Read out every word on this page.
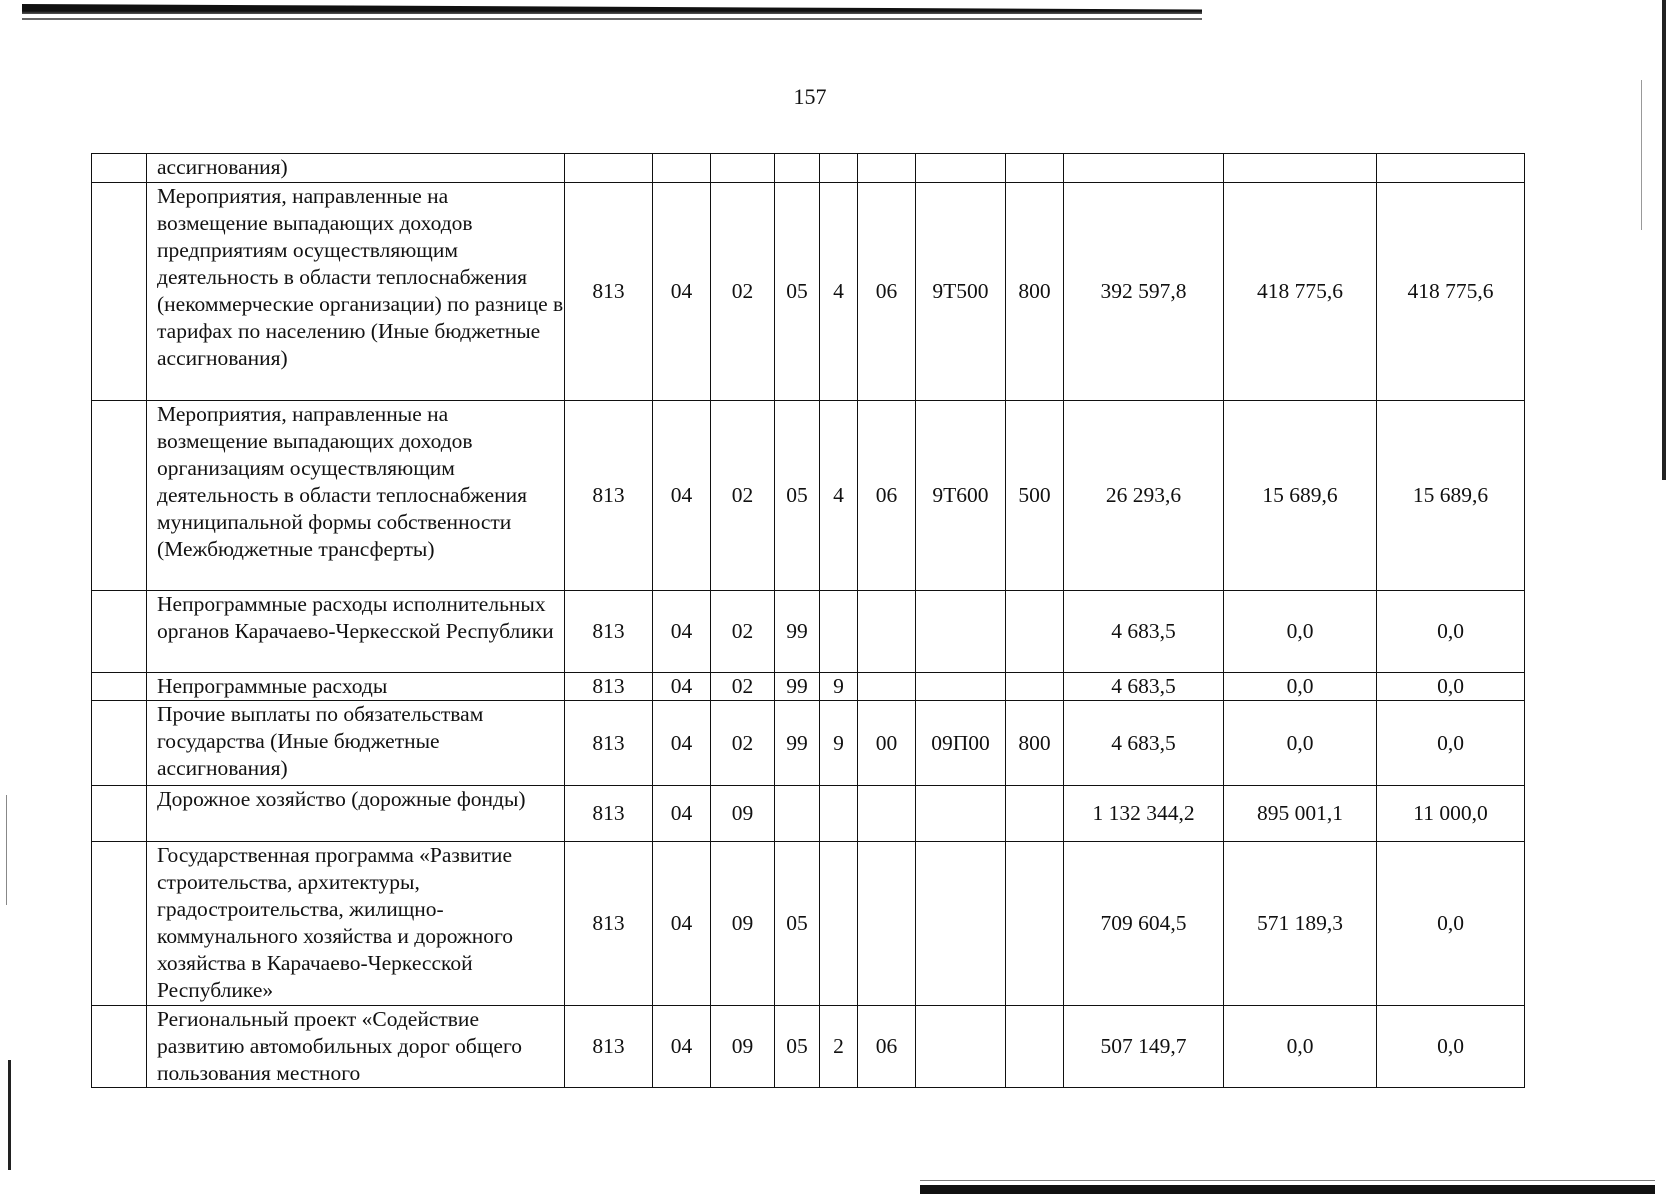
157
	ассигнования)											
	Мероприятия, направленные на возмещение выпадающих доходов предприятиям осуществляющим деятельность в области теплоснабжения (некоммерческие организации) по разнице в тарифах по населению (Иные бюджетные ассигнования)	813	04	02	05	4	06	9Т500	800	392 597,8	418 775,6	418 775,6
	Мероприятия, направленные на возмещение выпадающих доходов организациям осуществляющим деятельность в области теплоснабжения муниципальной формы собственности (Межбюджетные трансферты)	813	04	02	05	4	06	9Т600	500	26 293,6	15 689,6	15 689,6
	Непрограммные расходы исполнительных органов Карачаево-Черкесской Республики	813	04	02	99					4 683,5	0,0	0,0
	Непрограммные расходы	813	04	02	99	9				4 683,5	0,0	0,0
	Прочие выплаты по обязательствам государства (Иные бюджетные ассигнования)	813	04	02	99	9	00	09П00	800	4 683,5	0,0	0,0
	Дорожное хозяйство (дорожные фонды)	813	04	09						1 132 344,2	895 001,1	11 000,0
	Государственная программа «Развитие строительства, архитектуры, градостроительства, жилищно-коммунального хозяйства и дорожного хозяйства в Карачаево-Черкесской Республике»	813	04	09	05					709 604,5	571 189,3	0,0
	Региональный проект «Содействие развитию автомобильных дорог общего пользования местного	813	04	09	05	2	06			507 149,7	0,0	0,0
